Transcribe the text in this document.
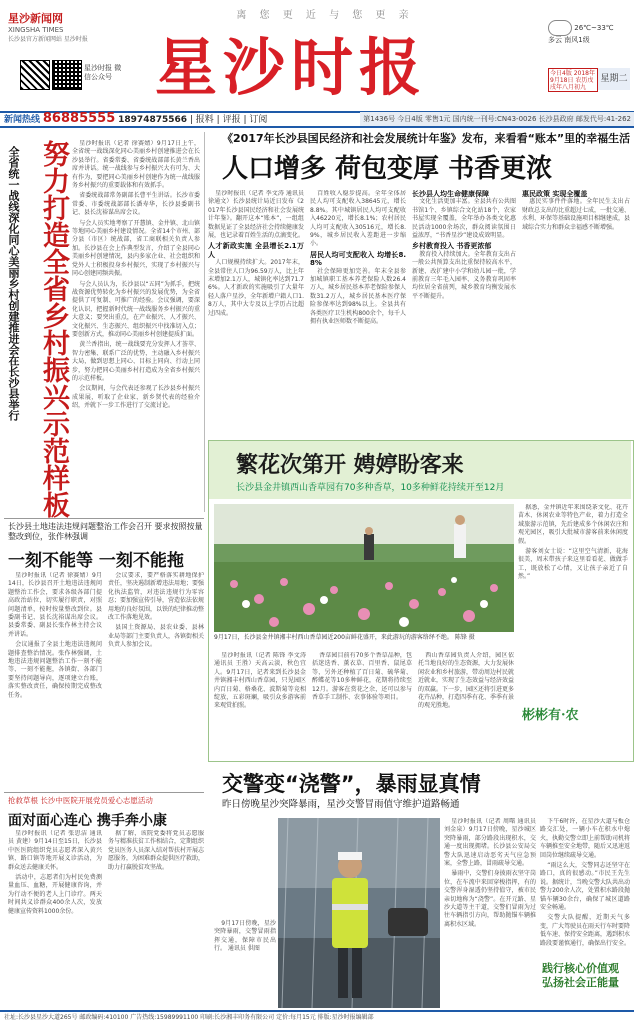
离 您 更 近 与 您 更 亲
星沙新闻网
XINGSHA TIMES
长沙县官方新闻网站 星沙时报
星沙时报 微信公众号 星沙时报
26℃~33℃
多云 南风1级
今日4版 2018年9月18日 农历戊戌年八月初九
星期二
新闻热线 86885555 18974875566 | 报料 | 评报 | 订阅	第1436号 今日4版 零售1元 国内统一刊号:CN43-0026 长沙县政府 邮发代号:41-262
努力打造全省乡村振兴示范样板
全省统一战线深化同心美丽乡村创建推进会在长沙县举行

星沙时报讯（记者 徐赛婧）9月17日上午，全省统一战线深化同心美丽乡村创建推进会在长沙县举行。省委常委、省委统战部部长黄兰香出席并讲话。统一战线参与乡村振兴大有可为、大有作为，要把同心美丽乡村创建作为统一战线服务乡村振兴的重要载体和有效抓手。

省委统战部常务副部长曹平生讲话。长沙市委常委、市委统战部部长潘寿华，长沙县委副书记、县长沈裕谋出席会议。

与会人员实地考察了开慧镇、金井镇、北山镇等地同心美丽乡村建设情况。全省14个市州、部分县（市区）统战部，省工商联相关负责人参加。长沙县在会上作典型发言，介绍了全县同心美丽乡村创建情况，县内多家企业、社会组织和党外人士积极投身乡村振兴，实现了乡村振兴与同心创建同频共振。

与会人员认为，长沙县以“五同”为抓手，把统战资源优势转化为乡村振兴的发展优势，为全省提供了可复制、可推广的经验。会议强调，要深化认识，把握新时代统一战线服务乡村振兴的重大意义；要突出重点，在产业振兴、人才振兴、文化振兴、生态振兴、组织振兴中找准切入点；要创新方式，推动同心美丽乡村创建提质扩面。

黄兰香指出，统一战线要充分发挥人才荟萃、智力密集、联系广泛的优势，主动融入乡村振兴大局，做到思想上同心、目标上同向、行动上同步，努力把同心美丽乡村打造成为全省乡村振兴的示范样板。

会议期间，与会代表还参观了长沙县乡村振兴成果展，听取了企业家、新乡贤代表的经验介绍，并就下一步工作进行了交流讨论。

《2017年长沙县国民经济和社会发展统计年鉴》发布，来看看“账本”里的幸福生活
人口增多 荷包变厚 书香更浓

星沙时报讯（记者 李文涛 通讯员 徐通文）长沙县统计局近日发布《2017年长沙县国民经济和社会发展统计年鉴》。翻开这本“账本”，一组组数据见证了全县经济社会持续健康发展，也记录着百姓生活的点滴变化。

人才新政实施 全县增长2.1万人

人口规模持续扩大。2017年末，全县常住人口为96.59万人，比上年末增加2.1万人，城镇化率达到71.76%。人才新政的实施吸引了大量年轻人落户星沙，全年新增户籍人口1.8万人，其中大专及以上学历占比超过四成。

百姓收入稳步提高。全年全体居民人均可支配收入38645元，增长8.8%。其中城镇居民人均可支配收入46220元，增长8.1%；农村居民人均可支配收入30516元，增长8.9%，城乡居民收入差距进一步缩小。

居民人均可支配收入 均增长8.8%

社会保障更加完善。年末全县参加城镇职工基本养老保险人数26.4万人，城乡居民基本养老保险参保人数31.2万人，城乡居民基本医疗保险参保率达到98%以上。全县共有各类医疗卫生机构800余个，每千人拥有执业医师数不断提高。

长沙县人均生命健康保障

文化生活更加丰富。全县共有公共图书馆1个、乡镇综合文化站18个，农家书屋实现全覆盖，全年举办各类文化惠民活动1000余场次，群众阅读氛围日益浓厚，“书香星沙”建设成效明显。

乡村教育投入 书香更浓郁

教育投入持续加大。全年教育支出占一般公共预算支出比重保持较高水平，新建、改扩建中小学和幼儿园一批，学前教育三年毛入园率、义务教育巩固率均位居全省前列，城乡教育均衡发展水平不断提升。

惠民政策 实现全覆盖

惠民实事件件落地。全年民生支出占财政总支出的比重超过七成，一批交通、水利、环保等基础设施项目相继建成，县域综合实力和群众幸福感不断增强。

繁花次第开 娉婷盼客来
长沙县金井镇西山香草园有70多种香草，10多种鲜花持续开至12月
9月17日，长沙县金井镇湘丰村西山香草园近200亩鲜花盛开，来此游玩的游客络绎不绝。 陈锋 摄

据悉，金井镇近年来围绕茶文化、花卉苗木、休闲农业等特色产业，着力打造全域旅游示范镇，先后建成多个休闲农庄和观光园区，吸引大批城市游客前来休闲度假。

游客刘女士说：“这里空气清新，花海很美，周末带孩子来这里看看花、做做手工，既放松了心情，又让孩子亲近了自然。”

彬彬有·农

星沙时报讯（记者 陈锋 李文涛 通讯员 王胜）天高云淡，秋色宜人。9月17日，记者来到长沙县金井镇湘丰村西山香草园，只见园区内百日菊、格桑花、波斯菊等竞相绽放，五彩斑斓，吸引众多游客前来观赏拍照。

香草园目前有70多个香草品种，包括迷迭香、薰衣草、百里香、鼠尾草等，另外还种植了百日菊、硫华菊、醉蝶花等10多种鲜花，花期将持续至12月。游客在赏花之余，还可以参与香草手工制作、农事体验等项目。

西山香草园负责人介绍，园区依托当地良好的生态资源，大力发展休闲农业和乡村旅游，带动周边村民就近就业，实现了生态效益与经济效益的双赢。下一步，园区还将引进更多花卉品种，打造四季有花、季季有景的观光胜地。

长沙县土地违法违规问题整治工作会召开 要求按照按量整改到位，张作林强调
一刻不能等 一刻不能拖

星沙时报讯（记者 徐赛婧）9月14日，长沙县召开土地违法违规问题整治工作会，要求各级各部门提高政治站位，切实履行职责，对照问题清单，按时按量整改到位。县委副书记、县长沈裕谋出席会议。县委常委、副县长张作林主持会议并讲话。

会议通报了全县土地违法违规问题排查整治情况。张作林强调，土地违法违规问题整治工作一刻不能等、一刻不能拖，各镇街、各部门要坚持问题导向，逐项建立台账，落实整改责任，确保按期完成整改任务。

会议要求，要严格落实耕地保护责任，坚决遏制新增违法用地；要强化执法监管，对违法违规行为零容忍；要加强宣传引导，营造依法依规用地的良好氛围，以铁的纪律推动整改工作落地见效。

县国土资源局、县农业委、县林业局等部门主要负责人，各镇街相关负责人参加会议。

抢救草根 长沙中医院开展党员爱心志愿活动
面对面心连心 携手奔小康

星沙时报讯（记者 张思洁 通讯员 黄建）9月14日至15日，长沙县中医医院组织党员志愿者深入黄兴镇、路口镇等地开展义诊活动，为群众送去健康关怀。

活动中，志愿者们为村民免费测量血压、血糖，开展健康咨询，并为行动不便的老人上门诊疗。两天时间共义诊群众400余人次，发放健康宣传资料1000余份。

据了解，该院党委将党员志愿服务与精准扶贫工作相结合，定期组织党员医务人员深入结对帮扶村开展志愿服务，为困难群众提供医疗救助，助力打赢脱贫攻坚战。

交警变“浇警”，暴雨显真情
昨日傍晚星沙突降暴雨，星沙交警冒雨值守维护道路畅通

9月17日傍晚，星沙突降暴雨，交警冒雨指挥交通，保障市民出行。 通讯员 供图

星沙时报讯（记者 周曙 通讯员 刘金泉）9月17日傍晚，星沙城区突降暴雨，部分路段出现积水，交通一度出现拥堵。长沙县公安局交警大队迅速启动恶劣天气应急预案，全警上路，冒雨疏导交通。

暴雨中，交警们身披雨衣坚守岗位，在车流中来回穿梭指挥，有的交警浑身湿透仍坚持值守，被市民亲切地称为“浇警”。在开元路、星沙大道等主干道，交警们冒雨为过往车辆指引方向，帮助抛锚车辆推离积水区域。

下午6时许，在星沙大道与板仓路交汇处，一辆小车在积水中熄火，执勤交警立即上前帮助司机将车辆推至安全地带，随后又迅速返回岗位继续疏导交通。

“雨这么大，交警同志还坚守在路口，真的很感动。”市民王先生说。据统计，当晚交警大队共出动警力200余人次，处置积水路段抛锚车辆30余台，确保了城区道路安全畅通。

交警大队提醒，近期天气多变，广大驾驶员在雨天行车时要降低车速、保持安全距离，遇到积水路段要谨慎通行，确保出行安全。

践行核心价值观 弘扬社会正能量
社址:长沙县星沙大道265号 邮政编码:410100 广告热线:15989991100 印刷:长沙湘丰印务有限公司 定价:每月15元 排版:星沙时报编辑部
